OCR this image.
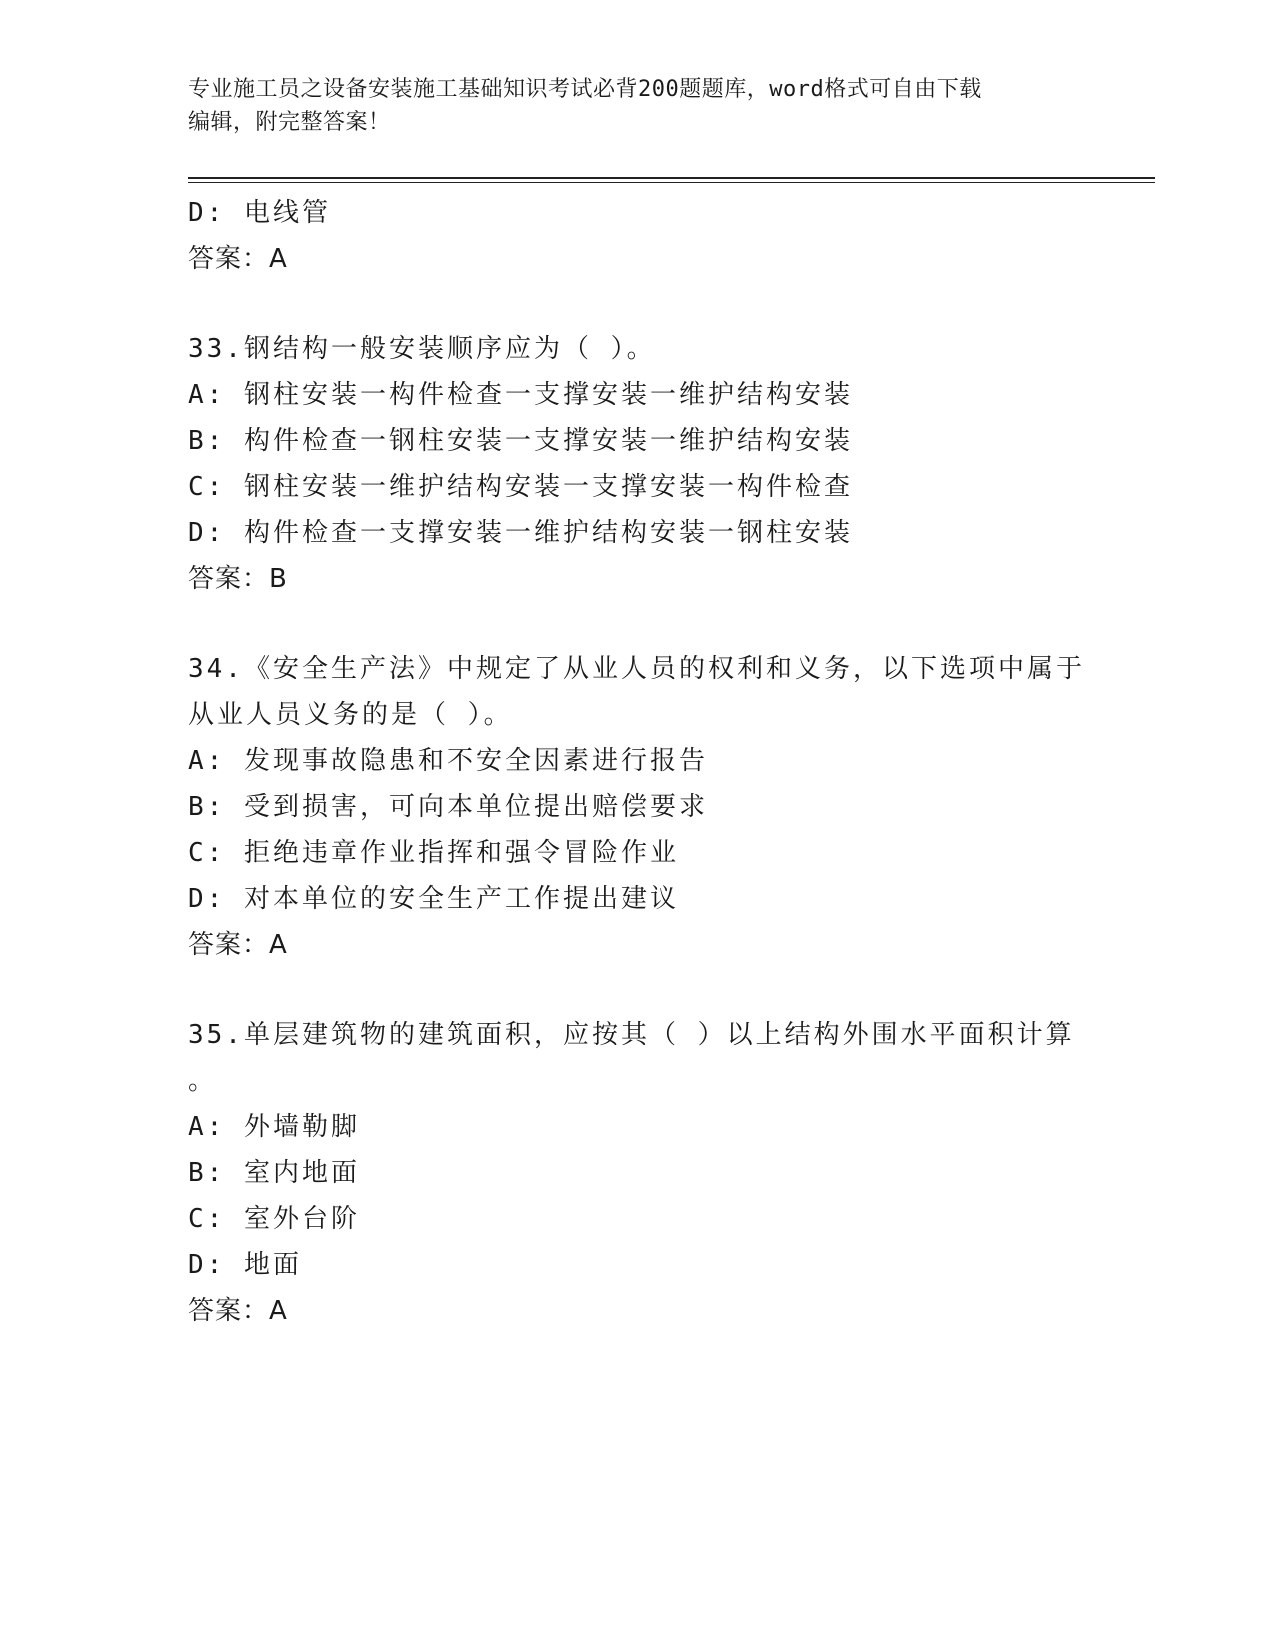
专业施工员之设备安装施工基础知识考试必背200题题库，word格式可自由下载
编辑，附完整答案！
D: 电线管
答案：A
33.钢结构一般安装顺序应为（ ）。
A: 钢柱安装一构件检查一支撑安装一维护结构安装
B: 构件检查一钢柱安装一支撑安装一维护结构安装
C: 钢柱安装一维护结构安装一支撑安装一构件检查
D: 构件检查一支撑安装一维护结构安装一钢柱安装
答案：B
34.《安全生产法》中规定了从业人员的权利和义务，以下选项中属于
从业人员义务的是（ ）。
A: 发现事故隐患和不安全因素进行报告
B: 受到损害，可向本单位提出赔偿要求
C: 拒绝违章作业指挥和强令冒险作业
D: 对本单位的安全生产工作提出建议
答案：A
35.单层建筑物的建筑面积，应按其（ ）以上结构外围水平面积计算
。
A: 外墙勒脚
B: 室内地面
C: 室外台阶
D: 地面
答案：A
